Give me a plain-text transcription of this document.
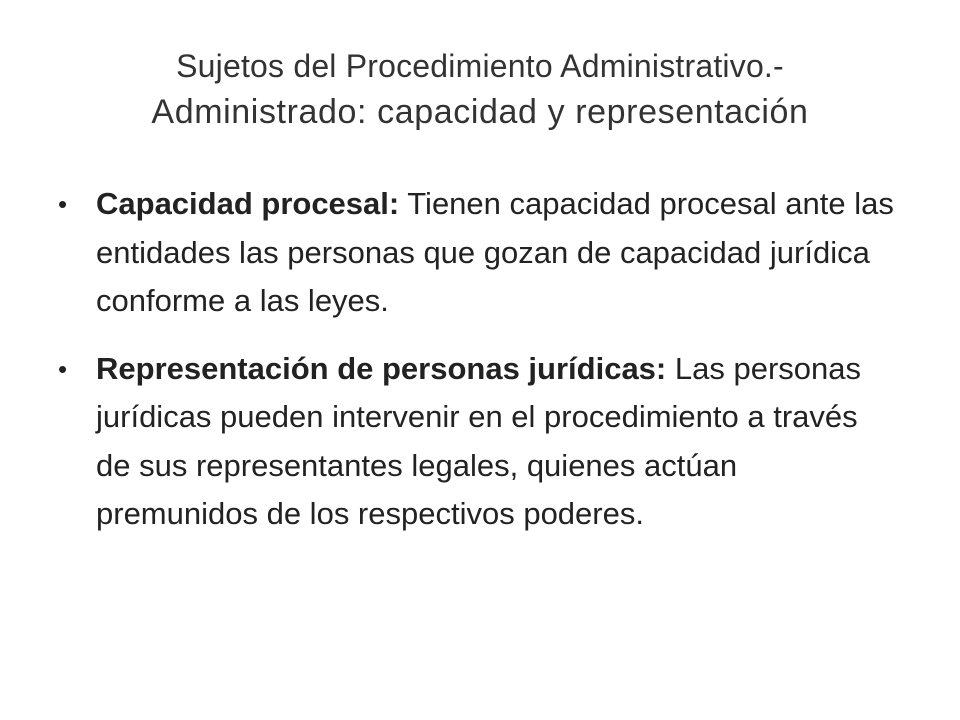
Sujetos del Procedimiento Administrativo.-
Administrado: capacidad y representación
• Capacidad procesal: Tienen capacidad procesal ante las entidades las personas que gozan de capacidad jurídica conforme a las leyes.
• Representación de personas jurídicas: Las personas jurídicas pueden intervenir en el procedimiento a través de sus representantes legales, quienes actúan premunidos de los respectivos poderes.
